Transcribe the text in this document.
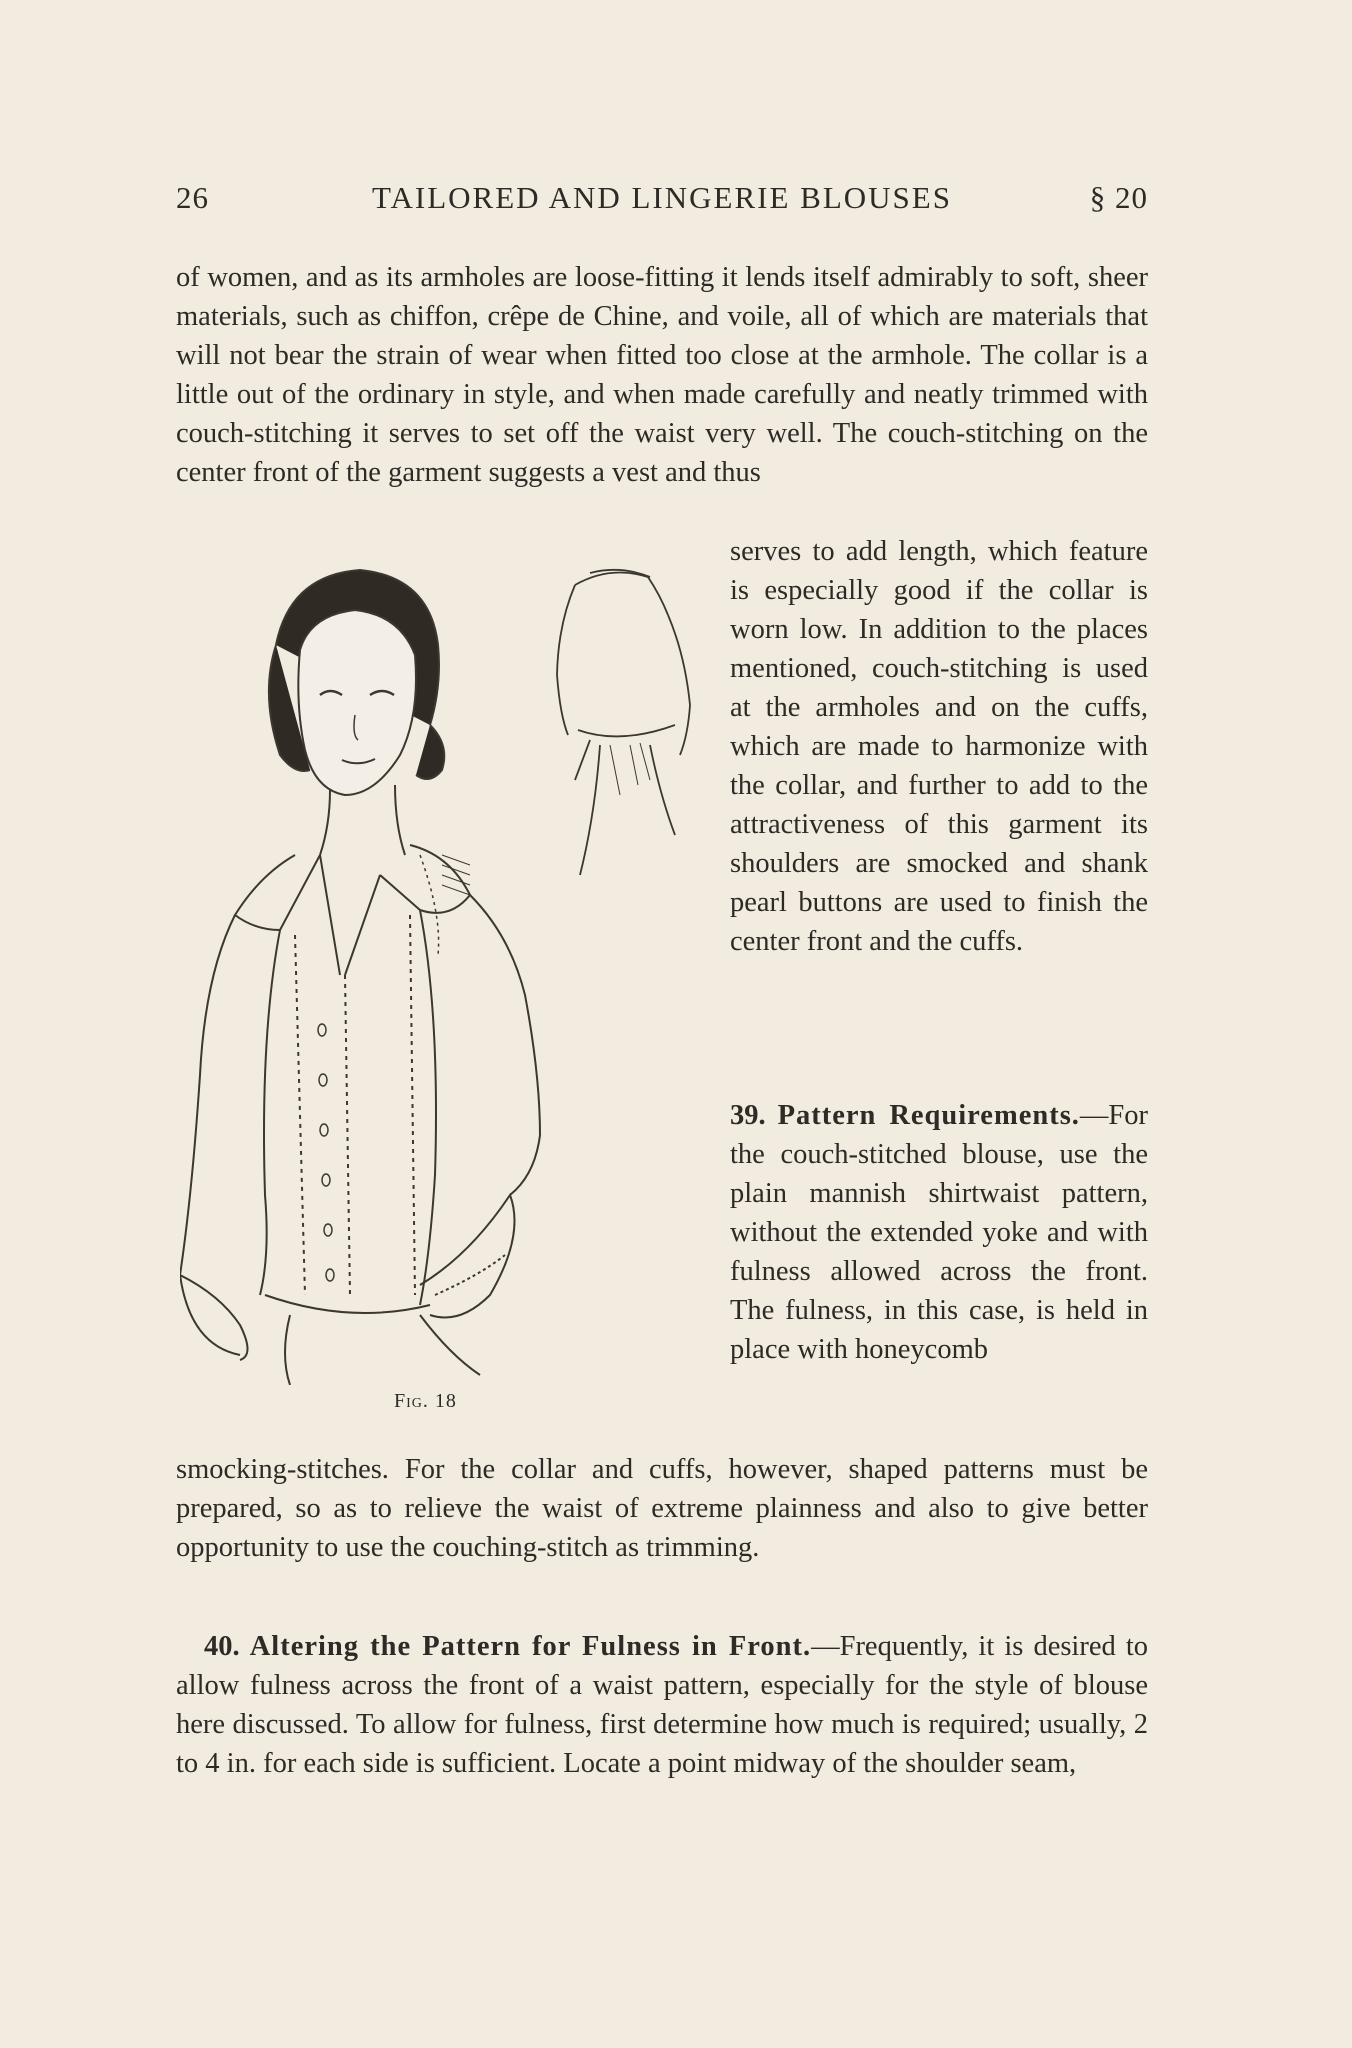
26	TAILORED AND LINGERIE BLOUSES	§ 20

of women, and as its armholes are loose-fitting it lends itself admirably to soft, sheer materials, such as chiffon, crêpe de Chine, and voile, all of which are materials that will not bear the strain of wear when fitted too close at the armhole. The collar is a little out of the ordinary in style, and when made carefully and neatly trimmed with couch-stitching it serves to set off the waist very well. The couch-stitching on the center front of the garment suggests a vest and thus

serves to add length, which feature is especially good if the collar is worn low. In addition to the places mentioned, couch-stitching is used at the armholes and on the cuffs, which are made to harmonize with the collar, and further to add to the attractiveness of this garment its shoulders are smocked and shank pearl buttons are used to finish the center front and the cuffs.

39. Pattern Requirements.—For the couch-stitched blouse, use the plain mannish shirtwaist pattern, without the extended yoke and with fulness allowed across the front. The fulness, in this case, is held in place with honeycomb

smocking-stitches. For the collar and cuffs, however, shaped patterns must be prepared, so as to relieve the waist of extreme plainness and also to give better opportunity to use the couching-stitch as trimming.

40. Altering the Pattern for Fulness in Front.—Frequently, it is desired to allow fulness across the front of a waist pattern, especially for the style of blouse here discussed. To allow for fulness, first determine how much is required; usually, 2 to 4 in. for each side is sufficient. Locate a point midway of the shoulder seam,

Fig. 18
